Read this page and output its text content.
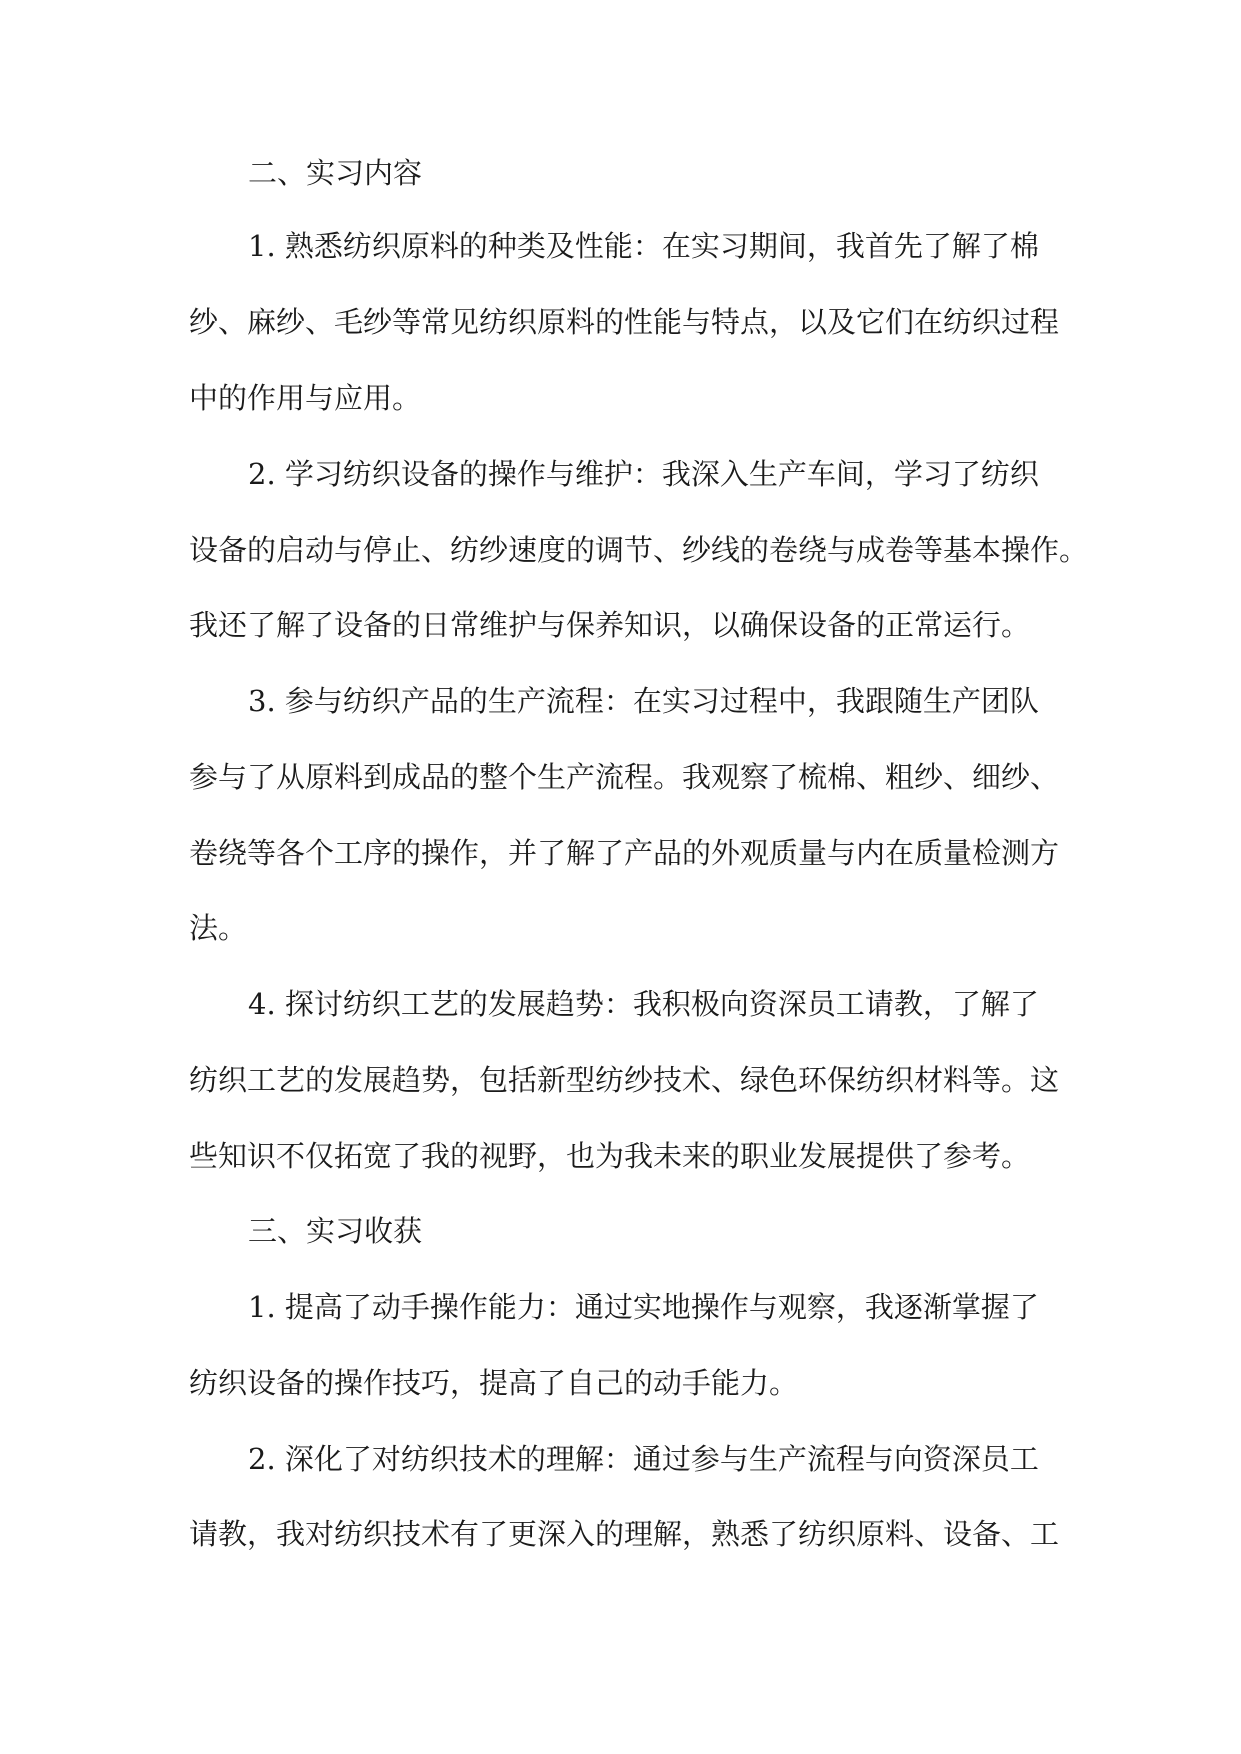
二、实习内容

1. 熟悉纺织原料的种类及性能：在实习期间，我首先了解了棉

纱、麻纱、毛纱等常见纺织原料的性能与特点，以及它们在纺织过程

中的作用与应用。

2. 学习纺织设备的操作与维护：我深入生产车间，学习了纺织

设备的启动与停止、纺纱速度的调节、纱线的卷绕与成卷等基本操作。

我还了解了设备的日常维护与保养知识，以确保设备的正常运行。

3. 参与纺织产品的生产流程：在实习过程中，我跟随生产团队

参与了从原料到成品的整个生产流程。我观察了梳棉、粗纱、细纱、

卷绕等各个工序的操作，并了解了产品的外观质量与内在质量检测方

法。

4. 探讨纺织工艺的发展趋势：我积极向资深员工请教，了解了

纺织工艺的发展趋势，包括新型纺纱技术、绿色环保纺织材料等。这

些知识不仅拓宽了我的视野，也为我未来的职业发展提供了参考。

三、实习收获

1. 提高了动手操作能力：通过实地操作与观察，我逐渐掌握了

纺织设备的操作技巧，提高了自己的动手能力。

2. 深化了对纺织技术的理解：通过参与生产流程与向资深员工

请教，我对纺织技术有了更深入的理解，熟悉了纺织原料、设备、工
